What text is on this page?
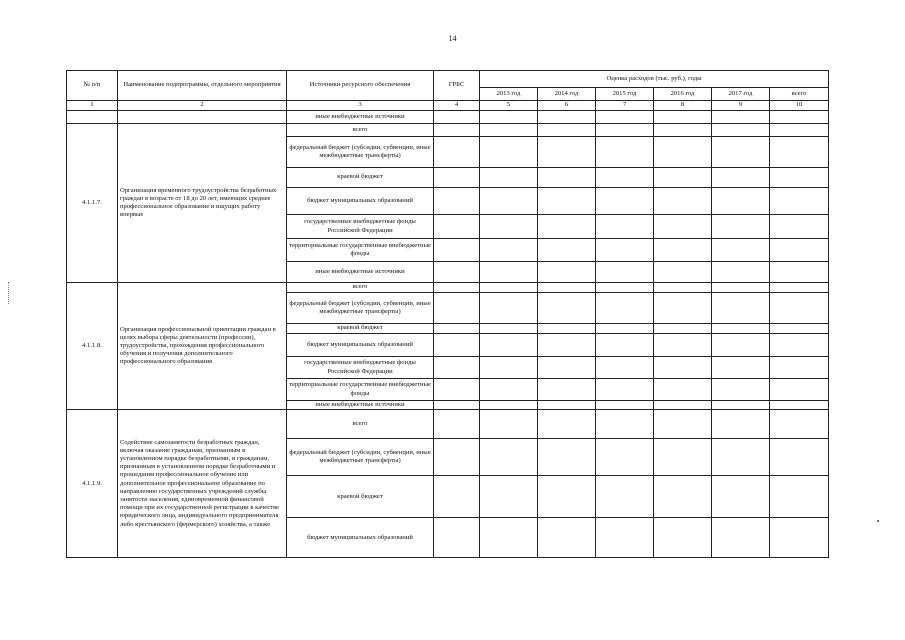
14
№ п/п	Наименование подпрограммы, отдельного мероприятия	Источники ресурсного обеспечения	ГРБС	Оценка расходов (тыс. руб.), годы					
				2013 год	2014 год	2015 год	2016 год	2017 год	всего
1	2	3	4	5	6	7	8	9	10
		иные внебюджетные источники							
4.1.1.7.	Организация временного трудоустройства безработных граждан в возрасте от 18 до 20 лет, имеющих среднее профессиональное образование и ищущих работу впервые	всего							
		федеральный бюджет (субсидии, субвенции, иные межбюджетные трансферты)							
		краевой бюджет							
		бюджет муниципальных образований							
		государственные внебюджетные фонды Российской Федерации							
		территориальные государственные внебюджетные фонды							
		иные внебюджетные источники							
4.1.1.8.	Организация профессиональной ориентации граждан в целях выбора сферы деятельности (профессии), трудоустройства, прохождения профессионального обучения и получения дополнительного профессионального образования	всего							
		федеральный бюджет (субсидии, субвенции, иные межбюджетные трансферты)							
		краевой бюджет							
		бюджет муниципальных образований							
		государственные внебюджетные фонды Российской Федерации							
		территориальные государственные внебюджетные фонды							
		иные внебюджетные источники							
4.1.1.9.	Содействие самозанятости безработных граждан, включая оказание гражданам, признанным в установленном порядке безработными, и гражданам, признанным в установленном порядке безработными и прошедшим профессиональное обучение или дополнительное профессиональное образование по направлению государственных учреждений службы занятости населения, единовременной финансовой помощи при их государственной регистрации в качестве юридического лица, индивидуального предпринимателя либо крестьянского (фермерского) хозяйства, а также	всего							
		федеральный бюджет (субсидии, субвенции, иные межбюджетные трансферты)							
		краевой бюджет							
		бюджет муниципальных образований							
